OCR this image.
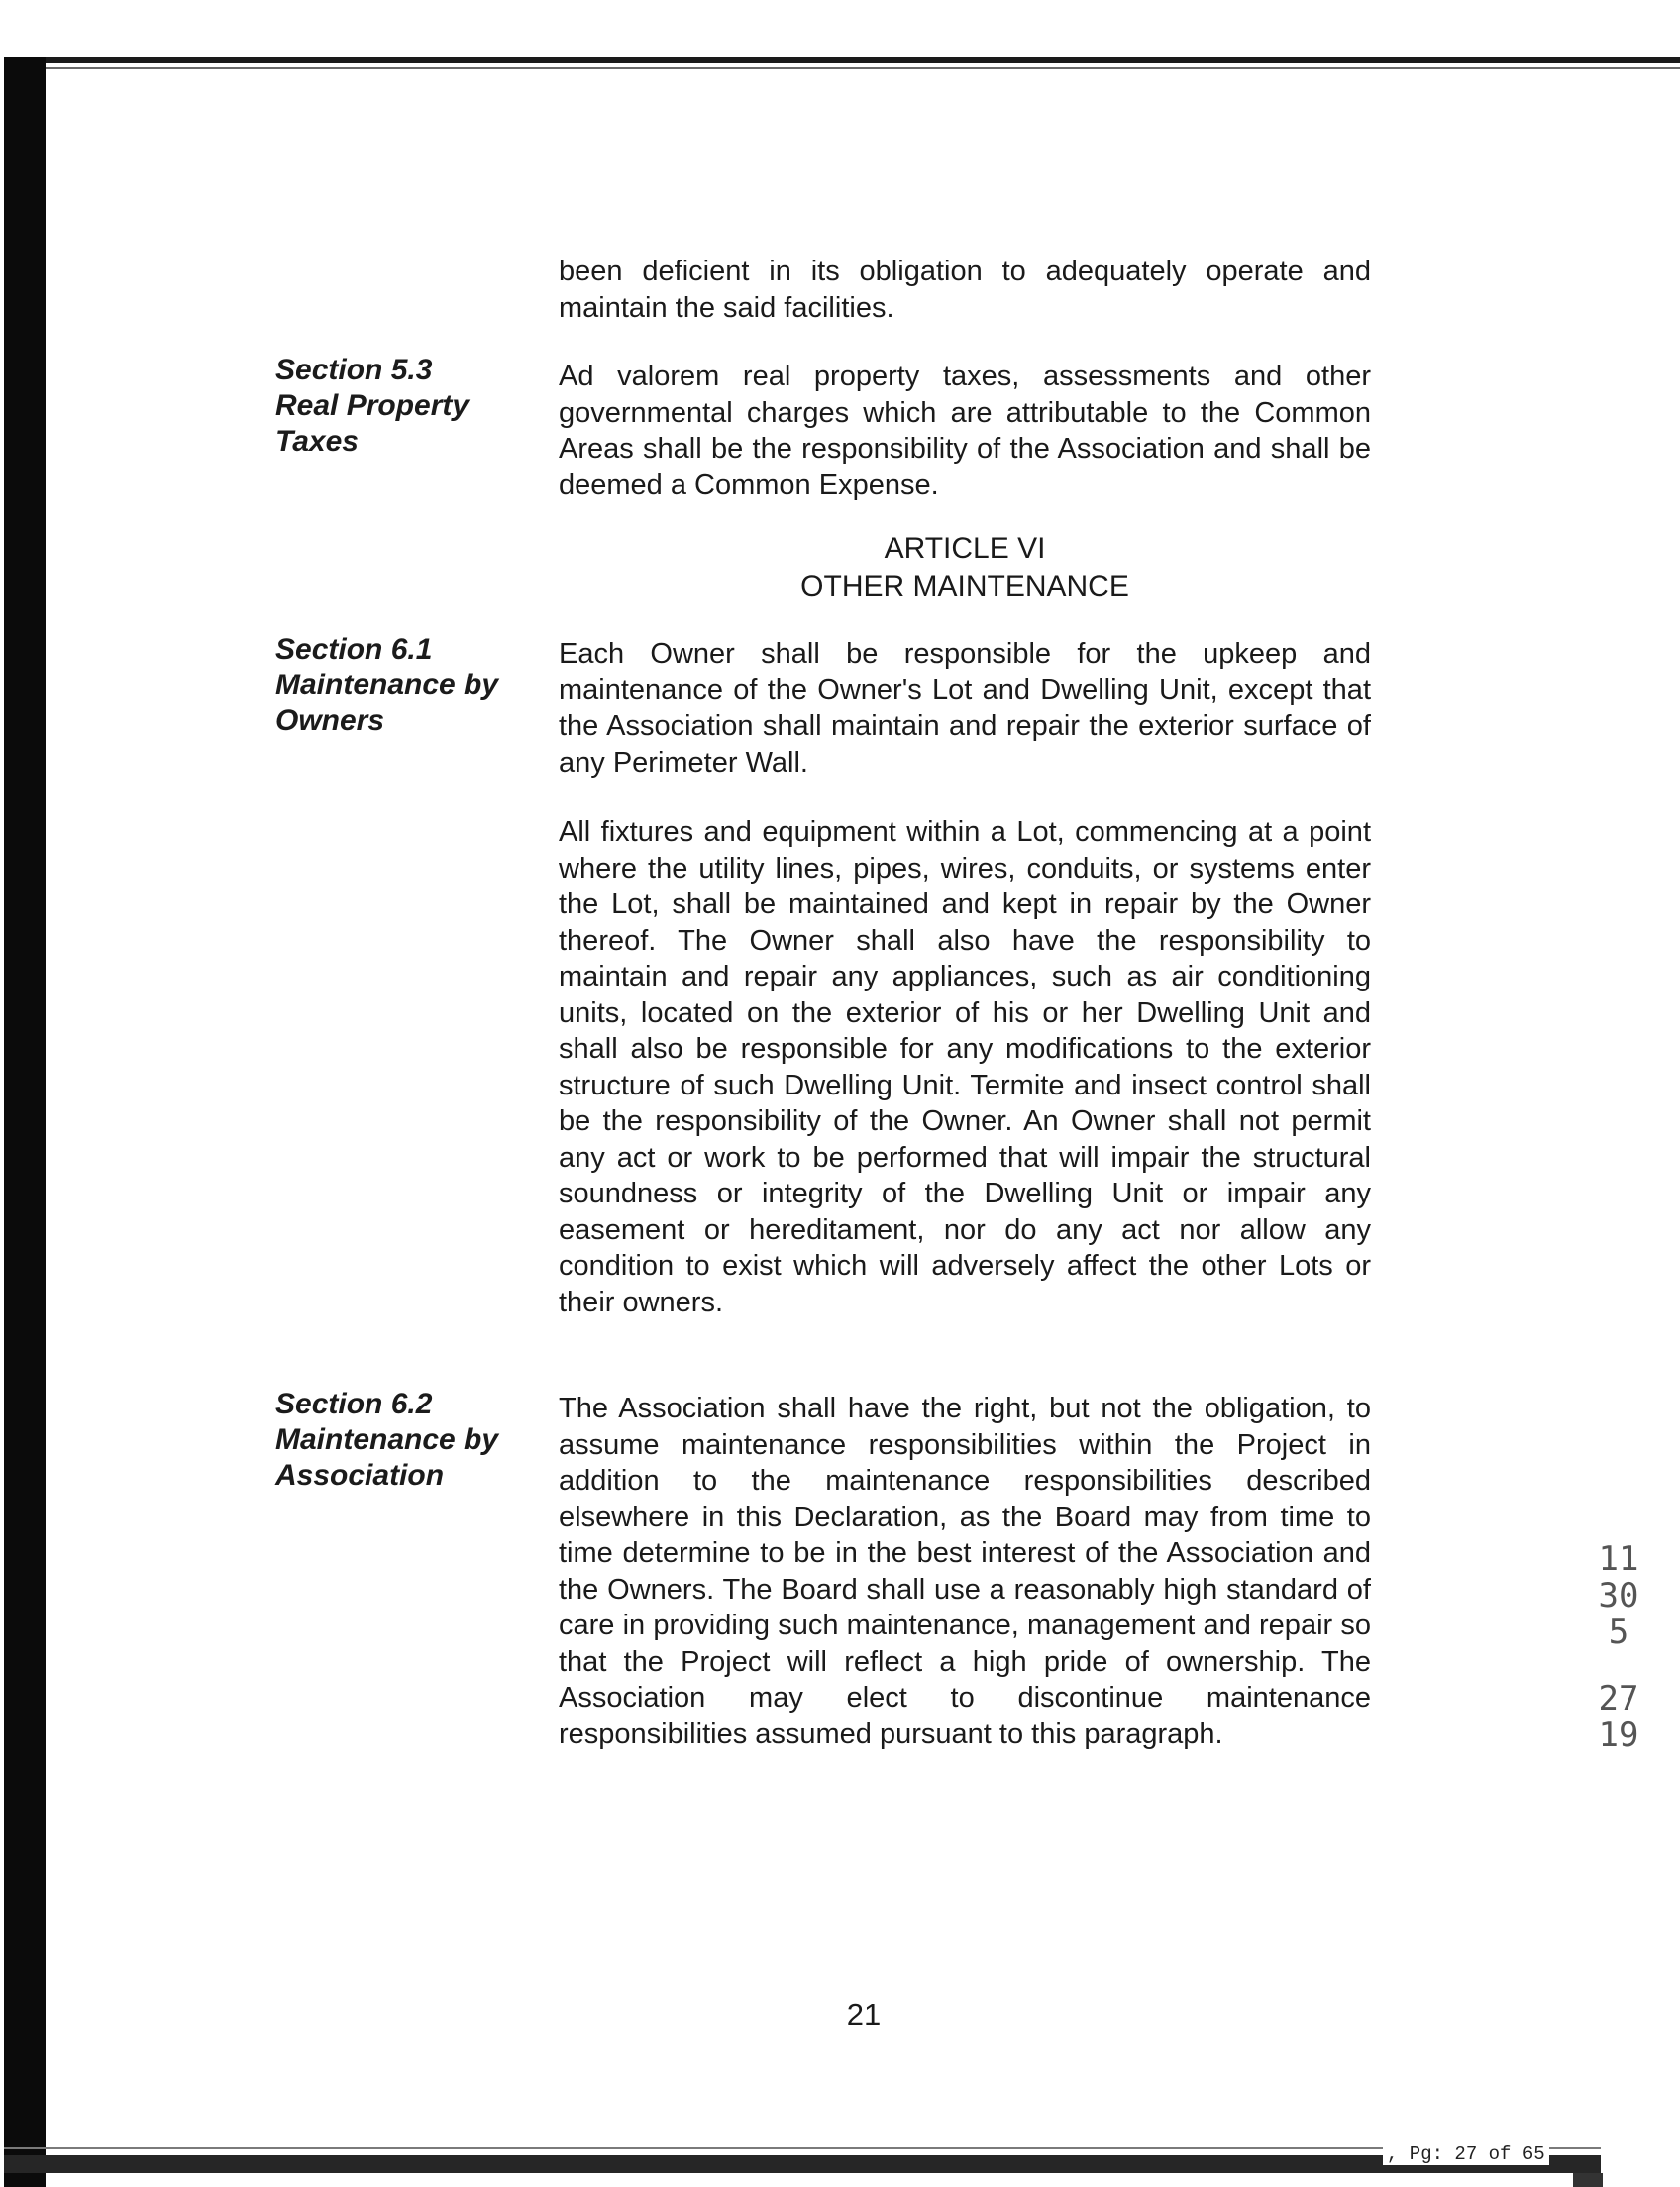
been deficient in its obligation to adequately operate and maintain the said facilities.
Section 5.3
Real Property
Taxes
Ad valorem real property taxes, assessments and other governmental charges which are attributable to the Common Areas shall be the responsibility of the Association and shall be deemed a Common Expense.
ARTICLE VI
OTHER MAINTENANCE
Section 6.1
Maintenance by
Owners
Each Owner shall be responsible for the upkeep and maintenance of the Owner's Lot and Dwelling Unit, except that the Association shall maintain and repair the exterior surface of any Perimeter Wall.
All fixtures and equipment within a Lot, commencing at a point where the utility lines, pipes, wires, conduits, or systems enter the Lot, shall be maintained and kept in repair by the Owner thereof. The Owner shall also have the responsibility to maintain and repair any appliances, such as air conditioning units, located on the exterior of his or her Dwelling Unit and shall also be responsible for any modifications to the exterior structure of such Dwelling Unit. Termite and insect control shall be the responsibility of the Owner. An Owner shall not permit any act or work to be performed that will impair the structural soundness or integrity of the Dwelling Unit or impair any easement or hereditament, nor do any act nor allow any condition to exist which will adversely affect the other Lots or their owners.
Section 6.2
Maintenance by
Association
The Association shall have the right, but not the obligation, to assume maintenance responsibilities within the Project in addition to the maintenance responsibilities described elsewhere in this Declaration, as the Board may from time to time determine to be in the best interest of the Association and the Owners. The Board shall use a reasonably high standard of care in providing such maintenance, management and repair so that the Project will reflect a high pride of ownership. The Association may elect to discontinue maintenance responsibilities assumed pursuant to this paragraph.
21
11305
2719
, Pg: 27 of 65
